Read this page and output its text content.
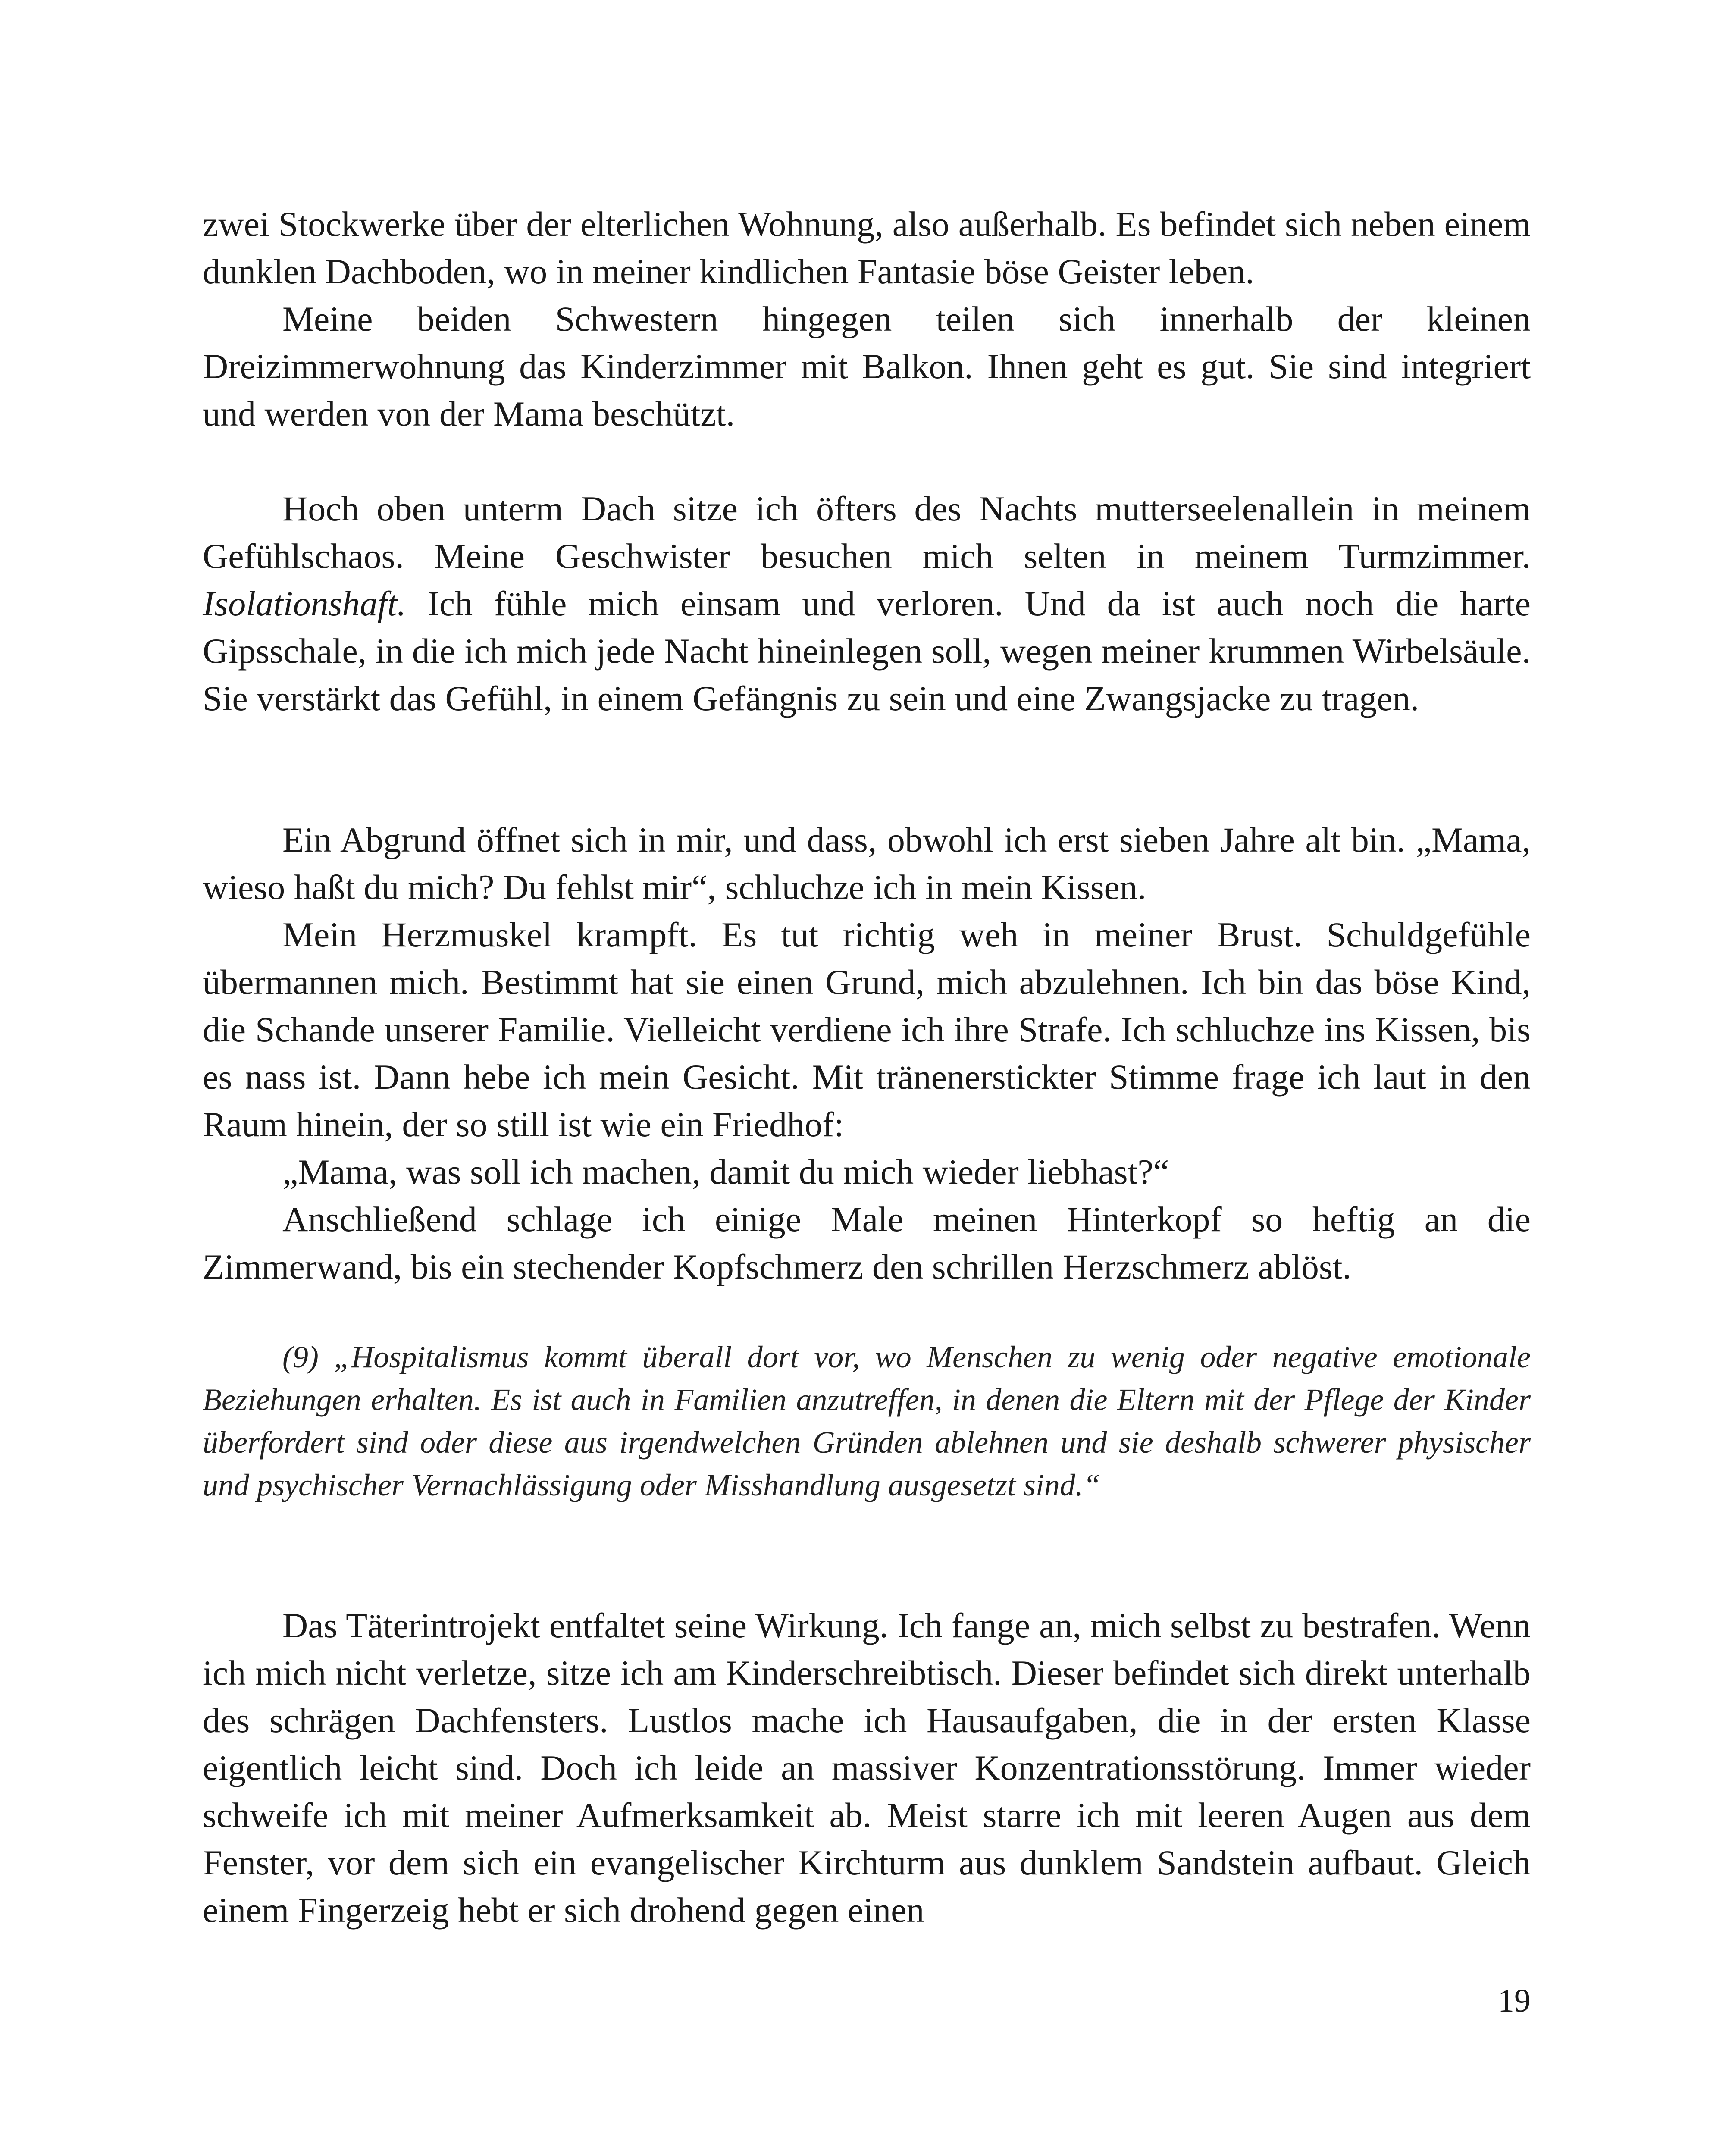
zwei Stockwerke über der elterlichen Wohnung, also außerhalb. Es befindet sich neben einem dunklen Dachboden, wo in meiner kindlichen Fantasie böse Geister leben.

Meine beiden Schwestern hingegen teilen sich innerhalb der kleinen Dreizimmerwohnung das Kinderzimmer mit Balkon. Ihnen geht es gut. Sie sind integriert und werden von der Mama beschützt.

Hoch oben unterm Dach sitze ich öfters des Nachts mutterseelenallein in meinem Gefühlschaos. Meine Geschwister besuchen mich selten in meinem Turmzimmer. Isolationshaft. Ich fühle mich einsam und verloren. Und da ist auch noch die harte Gipsschale, in die ich mich jede Nacht hineinlegen soll, wegen meiner krummen Wirbelsäule. Sie verstärkt das Gefühl, in einem Gefängnis zu sein und eine Zwangsjacke zu tragen.

Ein Abgrund öffnet sich in mir, und dass, obwohl ich erst sieben Jahre alt bin. „Mama, wieso haßt du mich? Du fehlst mir“, schluchze ich in mein Kissen.

Mein Herzmuskel krampft. Es tut richtig weh in meiner Brust. Schuldgefühle übermannen mich. Bestimmt hat sie einen Grund, mich abzulehnen. Ich bin das böse Kind, die Schande unserer Familie. Vielleicht verdiene ich ihre Strafe. Ich schluchze ins Kissen, bis es nass ist. Dann hebe ich mein Gesicht. Mit tränenerstickter Stimme frage ich laut in den Raum hinein, der so still ist wie ein Friedhof:

„Mama, was soll ich machen, damit du mich wieder liebhast?“

Anschließend schlage ich einige Male meinen Hinterkopf so heftig an die Zimmerwand, bis ein stechender Kopfschmerz den schrillen Herzschmerz ablöst.

(9) „Hospitalismus kommt überall dort vor, wo Menschen zu wenig oder negative emotionale Beziehungen erhalten. Es ist auch in Familien anzutreffen, in denen die Eltern mit der Pflege der Kinder überfordert sind oder diese aus irgendwelchen Gründen ablehnen und sie deshalb schwerer physischer und psychischer Vernachlässigung oder Misshandlung ausgesetzt sind.“

Das Täterintrojekt entfaltet seine Wirkung. Ich fange an, mich selbst zu bestrafen. Wenn ich mich nicht verletze, sitze ich am Kinderschreibtisch. Dieser befindet sich direkt unterhalb des schrägen Dachfensters. Lustlos mache ich Hausaufgaben, die in der ersten Klasse eigentlich leicht sind. Doch ich leide an massiver Konzentrationsstörung. Immer wieder schweife ich mit meiner Aufmerksamkeit ab. Meist starre ich mit leeren Augen aus dem Fenster, vor dem sich ein evangelischer Kirchturm aus dunklem Sandstein aufbaut. Gleich einem Fingerzeig hebt er sich drohend gegen einen

19
